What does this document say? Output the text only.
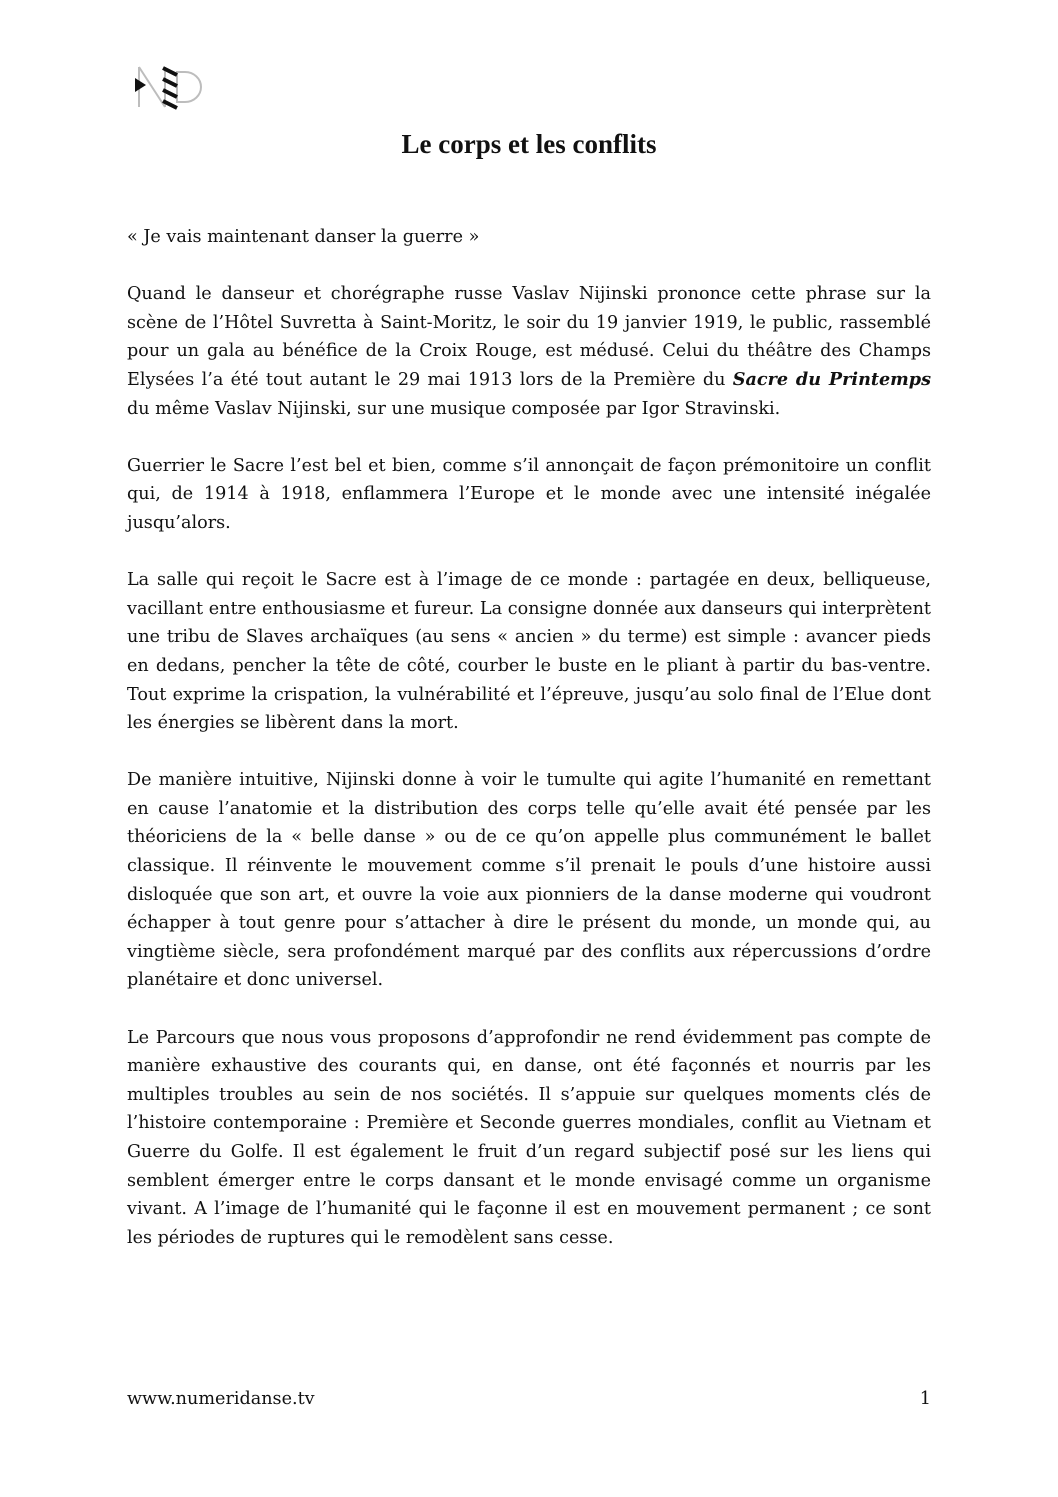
Le corps et les conflits

« Je vais maintenant danser la guerre »

Quand le danseur et chorégraphe russe Vaslav Nijinski prononce cette phrase sur la scène de l’Hôtel Suvretta à Saint-Moritz, le soir du 19 janvier 1919, le public, rassemblé pour un gala au bénéfice de la Croix Rouge, est médusé. Celui du théâtre des Champs Elysées l’a été tout autant le 29 mai 1913 lors de la Première du Sacre du Printemps du même Vaslav Nijinski, sur une musique composée par Igor Stravinski.

Guerrier le Sacre l’est bel et bien, comme s’il annonçait de façon prémonitoire un conflit qui, de 1914 à 1918, enflammera l’Europe et le monde avec une intensité inégalée jusqu’alors.

La salle qui reçoit le Sacre est à l’image de ce monde : partagée en deux, belliqueuse, vacillant entre enthousiasme et fureur. La consigne donnée aux danseurs qui interprètent une tribu de Slaves archaïques (au sens « ancien » du terme) est simple : avancer pieds en dedans, pencher la tête de côté, courber le buste en le pliant à partir du bas-ventre. Tout exprime la crispation, la vulnérabilité et l’épreuve, jusqu’au solo final de l’Elue dont les énergies se libèrent dans la mort.

De manière intuitive, Nijinski donne à voir le tumulte qui agite l’humanité en remettant en cause l’anatomie et la distribution des corps telle qu’elle avait été pensée par les théoriciens de la « belle danse » ou de ce qu’on appelle plus communément le ballet classique. Il réinvente le mouvement comme s’il prenait le pouls d’une histoire aussi disloquée que son art, et ouvre la voie aux pionniers de la danse moderne qui voudront échapper à tout genre pour s’attacher à dire le présent du monde, un monde qui, au vingtième siècle, sera profondément marqué par des conflits aux répercussions d’ordre planétaire et donc universel.

Le Parcours que nous vous proposons d’approfondir ne rend évidemment pas compte de manière exhaustive des courants qui, en danse, ont été façonnés et nourris par les multiples troubles au sein de nos sociétés. Il s’appuie sur quelques moments clés de l’histoire contemporaine : Première et Seconde guerres mondiales, conflit au Vietnam et Guerre du Golfe. Il est également le fruit d’un regard subjectif posé sur les liens qui semblent émerger entre le corps dansant et le monde envisagé comme un organisme vivant. A l’image de l’humanité qui le façonne il est en mouvement permanent ; ce sont les périodes de ruptures qui le remodèlent sans cesse.

www.numeridanse.tv	1
